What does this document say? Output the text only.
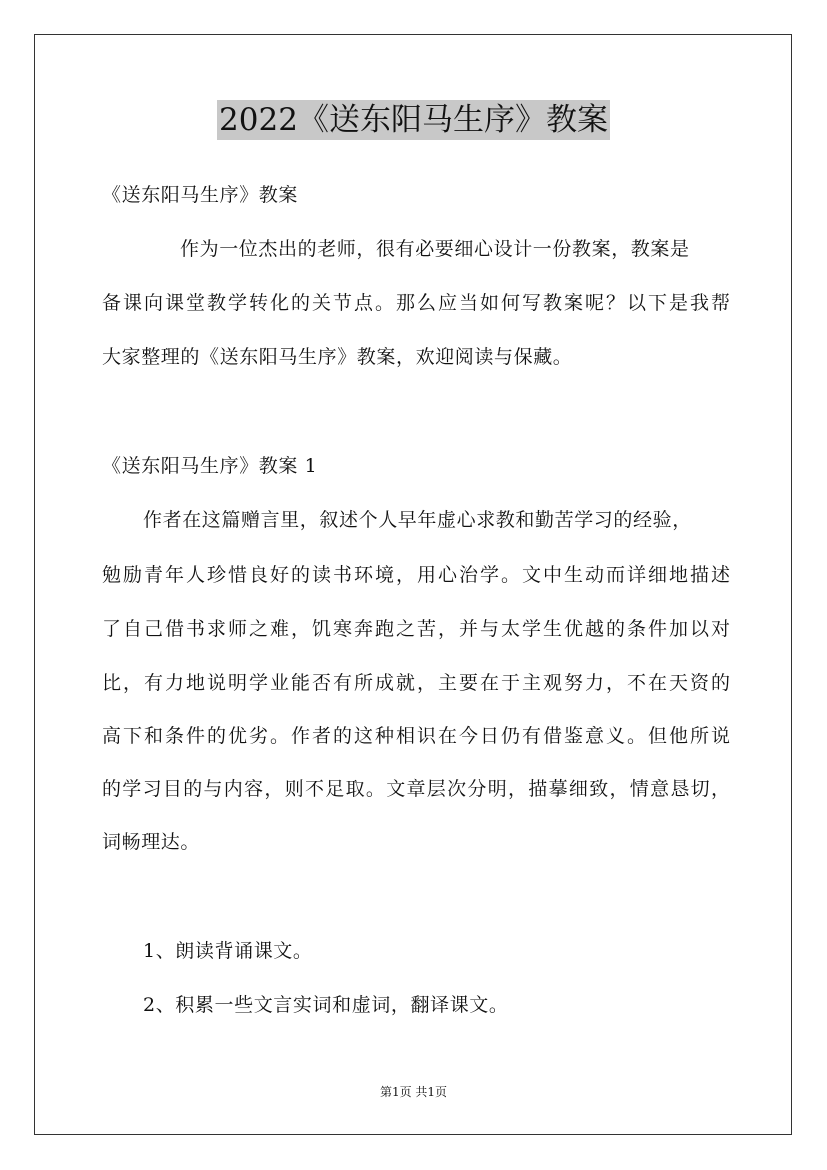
2022《送东阳马生序》教案
《送东阳马生序》教案
作为一位杰出的老师，很有必要细心设计一份教案，教案是
备课向课堂教学转化的关节点。那么应当如何写教案呢？以下是我帮
大家整理的《送东阳马生序》教案，欢迎阅读与保藏。
《送东阳马生序》教案 1
作者在这篇赠言里，叙述个人早年虚心求教和勤苦学习的经验，
勉励青年人珍惜良好的读书环境，用心治学。文中生动而详细地描述
了自己借书求师之难，饥寒奔跑之苦，并与太学生优越的条件加以对
比，有力地说明学业能否有所成就，主要在于主观努力，不在天资的
高下和条件的优劣。作者的这种相识在今日仍有借鉴意义。但他所说
的学习目的与内容，则不足取。文章层次分明，描摹细致，情意恳切，
词畅理达。
1、朗读背诵课文。
2、积累一些文言实词和虚词，翻译课文。
第1页 共1页
